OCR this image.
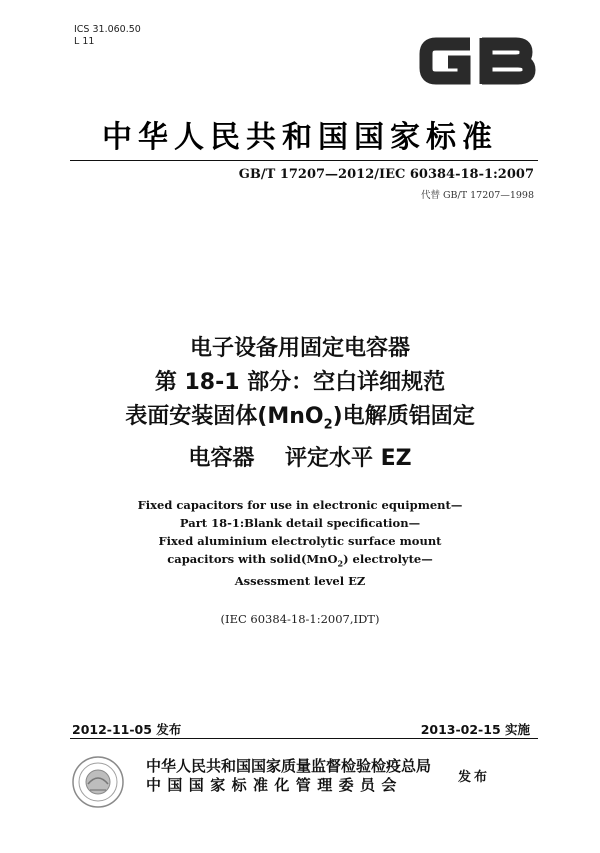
ICS 31.060.50
L 11
中华人民共和国国家标准
GB/T 17207—2012/IEC 60384-18-1:2007
代替 GB/T 17207—1998
电子设备用固定电容器
第 18-1 部分：空白详细规范
表面安装固体(MnO$_2$)电解质铝固定
电容器    评定水平 EZ
Fixed capacitors for use in electronic equipment—
Part 18-1:Blank detail specification—
Fixed aluminium electrolytic surface mount
capacitors with solid(MnO$_2$) electrolyte—
Assessment level EZ
(IEC 60384-18-1:2007,IDT)
2012-11-05 发布	2013-02-15 实施
中华人民共和国国家质量监督检验检疫总局
中国国家标准化管理委员会	发布
